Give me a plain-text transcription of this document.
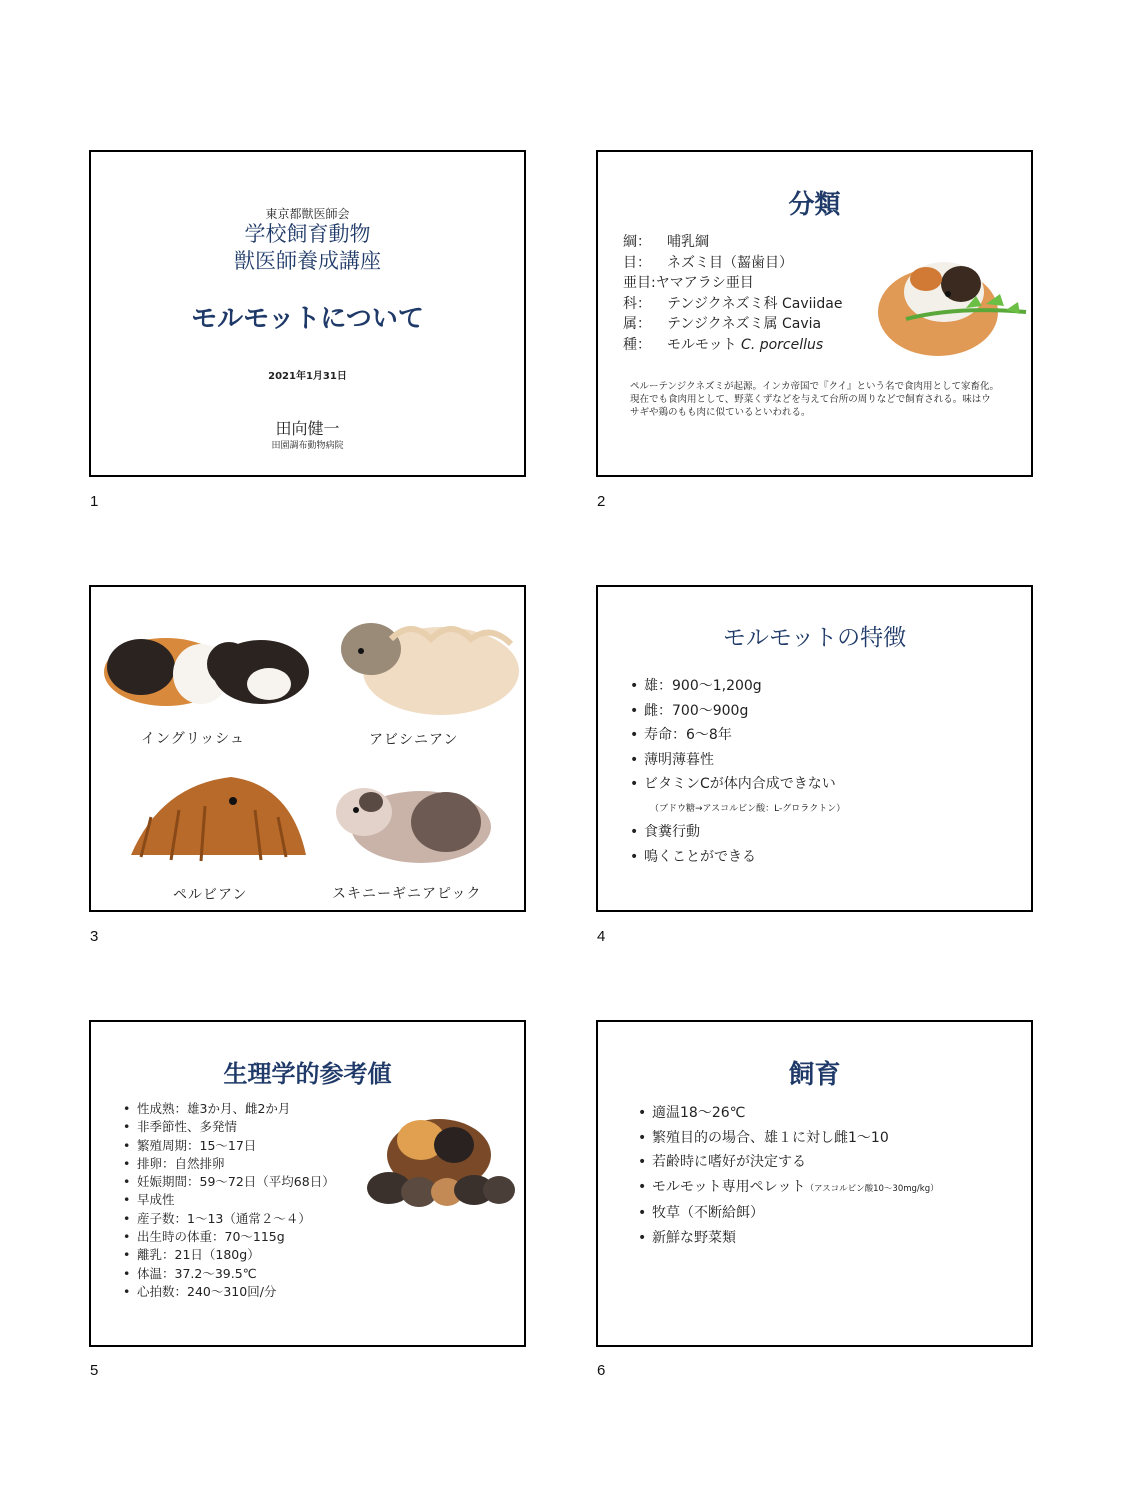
東京都獣医師会
学校飼育動物
獣医師養成講座
モルモットについて
2021年1月31日
田向健一
田園調布動物病院
1
分類
綱： 哺乳綱
目： ネズミ目（齧歯目）
亜目:ヤマアラシ亜目
科： テンジクネズミ科 Caviidae
属： テンジクネズミ属 Cavia
種： モルモット C. porcellus
ペルーテンジクネズミが起源。インカ帝国で『クイ』という名で食肉用として家畜化。現在でも食肉用として、野菜くずなどを与えて台所の周りなどで飼育される。味はウサギや鶏のもも肉に似ているといわれる。
2
イングリッシュ	アビシニアン
ペルビアン	スキニーギニアピック
3
モルモットの特徴
• 雄：900〜1,200g
• 雌：700〜900g
• 寿命：6〜8年
• 薄明薄暮性
• ビタミンCが体内合成できない
（ブドウ糖→アスコルビン酸：L-グロラクトン）
• 食糞行動
• 鳴くことができる
4
生理学的参考値
• 性成熟：雄3か月、雌2か月
• 非季節性、多発情
• 繁殖周期：15〜17日
• 排卵：自然排卵
• 妊娠期間：59〜72日（平均68日）
• 早成性
• 産子数：1〜13（通常２〜４）
• 出生時の体重：70〜115g
• 離乳：21日（180g）
• 体温：37.2〜39.5℃
• 心拍数：240〜310回/分
5
飼育
• 適温18〜26℃
• 繁殖目的の場合、雄１に対し雌1〜10
• 若齢時に嗜好が決定する
• モルモット専用ペレット（アスコルビン酸10〜30mg/kg）
• 牧草（不断給餌）
• 新鮮な野菜類
6
